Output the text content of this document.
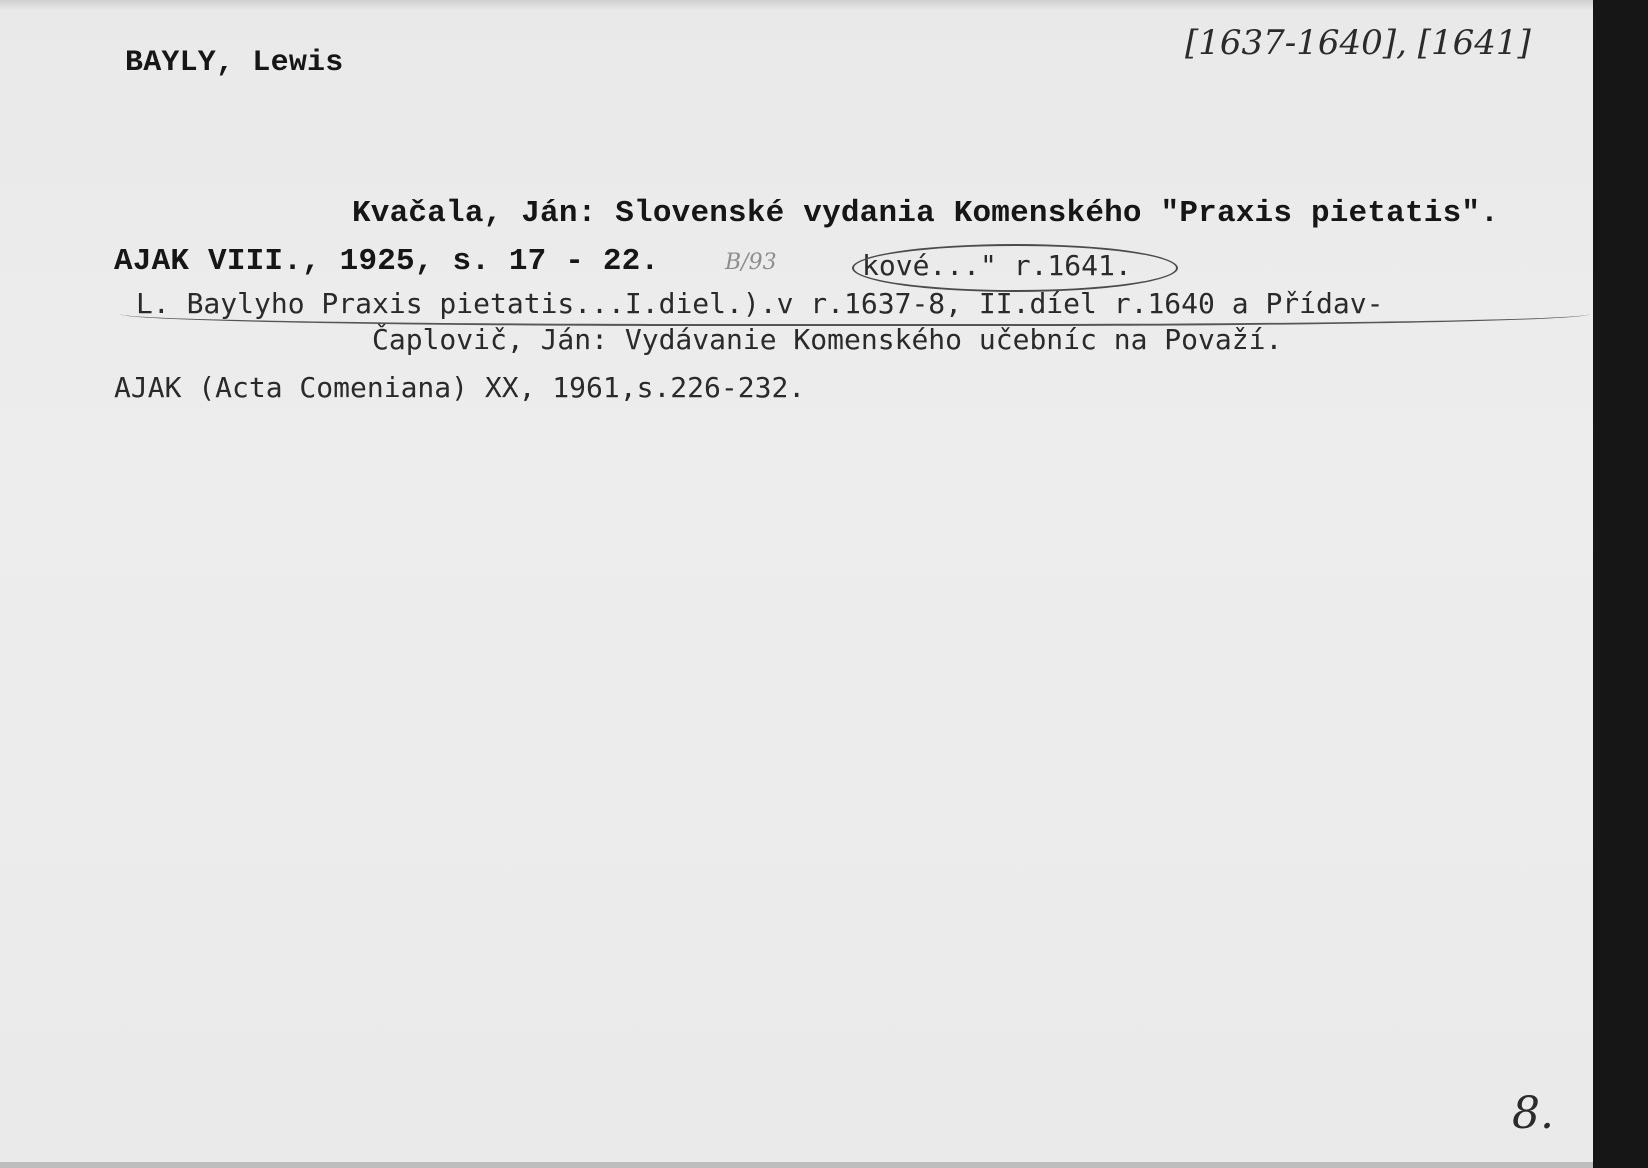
BAYLY, Lewis	[1637-1640], [1641]
Kvačala, Ján: Slovenské vydania Komenského "Praxis pietatis".
AJAK VIII., 1925, s. 17 - 22.	B/93	kové..." r.1641.
L. Baylyho Praxis pietatis...I.diel.).v r.1637-8, II.díel r.1640 a Přídav-
Čaplovič, Ján: Vydávanie Komenského učebníc na Považí.
AJAK (Acta Comeniana) XX, 1961,s.226-232.
8.
